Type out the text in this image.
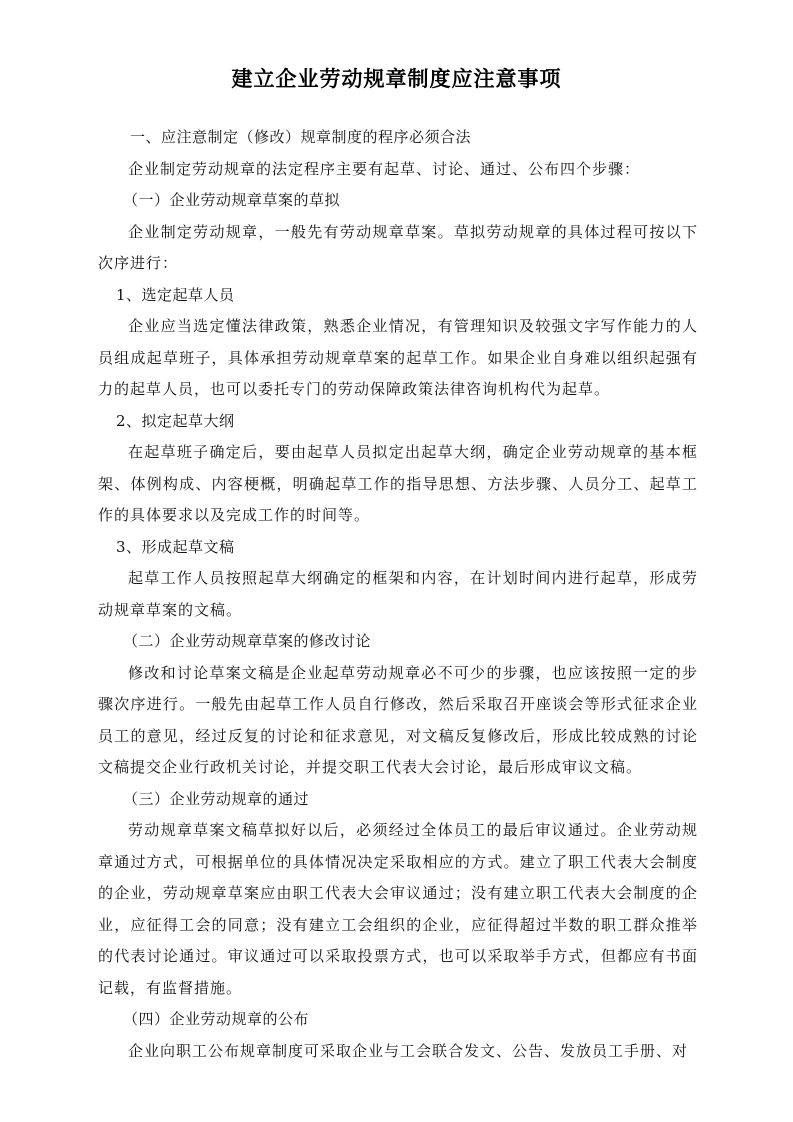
建立企业劳动规章制度应注意事项

一、应注意制定（修改）规章制度的程序必须合法

企业制定劳动规章的法定程序主要有起草、讨论、通过、公布四个步骤：

（一）企业劳动规章草案的草拟

企业制定劳动规章，一般先有劳动规章草案。草拟劳动规章的具体过程可按以下次序进行：

1、选定起草人员

企业应当选定懂法律政策，熟悉企业情况，有管理知识及较强文字写作能力的人员组成起草班子，具体承担劳动规章草案的起草工作。如果企业自身难以组织起强有力的起草人员，也可以委托专门的劳动保障政策法律咨询机构代为起草。

2、拟定起草大纲

在起草班子确定后，要由起草人员拟定出起草大纲，确定企业劳动规章的基本框架、体例构成、内容梗概，明确起草工作的指导思想、方法步骤、人员分工、起草工作的具体要求以及完成工作的时间等。

3、形成起草文稿

起草工作人员按照起草大纲确定的框架和内容，在计划时间内进行起草，形成劳动规章草案的文稿。

（二）企业劳动规章草案的修改讨论

修改和讨论草案文稿是企业起草劳动规章必不可少的步骤，也应该按照一定的步骤次序进行。一般先由起草工作人员自行修改，然后采取召开座谈会等形式征求企业员工的意见，经过反复的讨论和征求意见，对文稿反复修改后，形成比较成熟的讨论文稿提交企业行政机关讨论，并提交职工代表大会讨论，最后形成审议文稿。

（三）企业劳动规章的通过

劳动规章草案文稿草拟好以后，必须经过全体员工的最后审议通过。企业劳动规章通过方式，可根据单位的具体情况决定采取相应的方式。建立了职工代表大会制度的企业，劳动规章草案应由职工代表大会审议通过；没有建立职工代表大会制度的企业，应征得工会的同意；没有建立工会组织的企业，应征得超过半数的职工群众推举的代表讨论通过。审议通过可以采取投票方式，也可以采取举手方式，但都应有书面记载，有监督措施。

（四）企业劳动规章的公布

企业向职工公布规章制度可采取企业与工会联合发文、公告、发放员工手册、对
